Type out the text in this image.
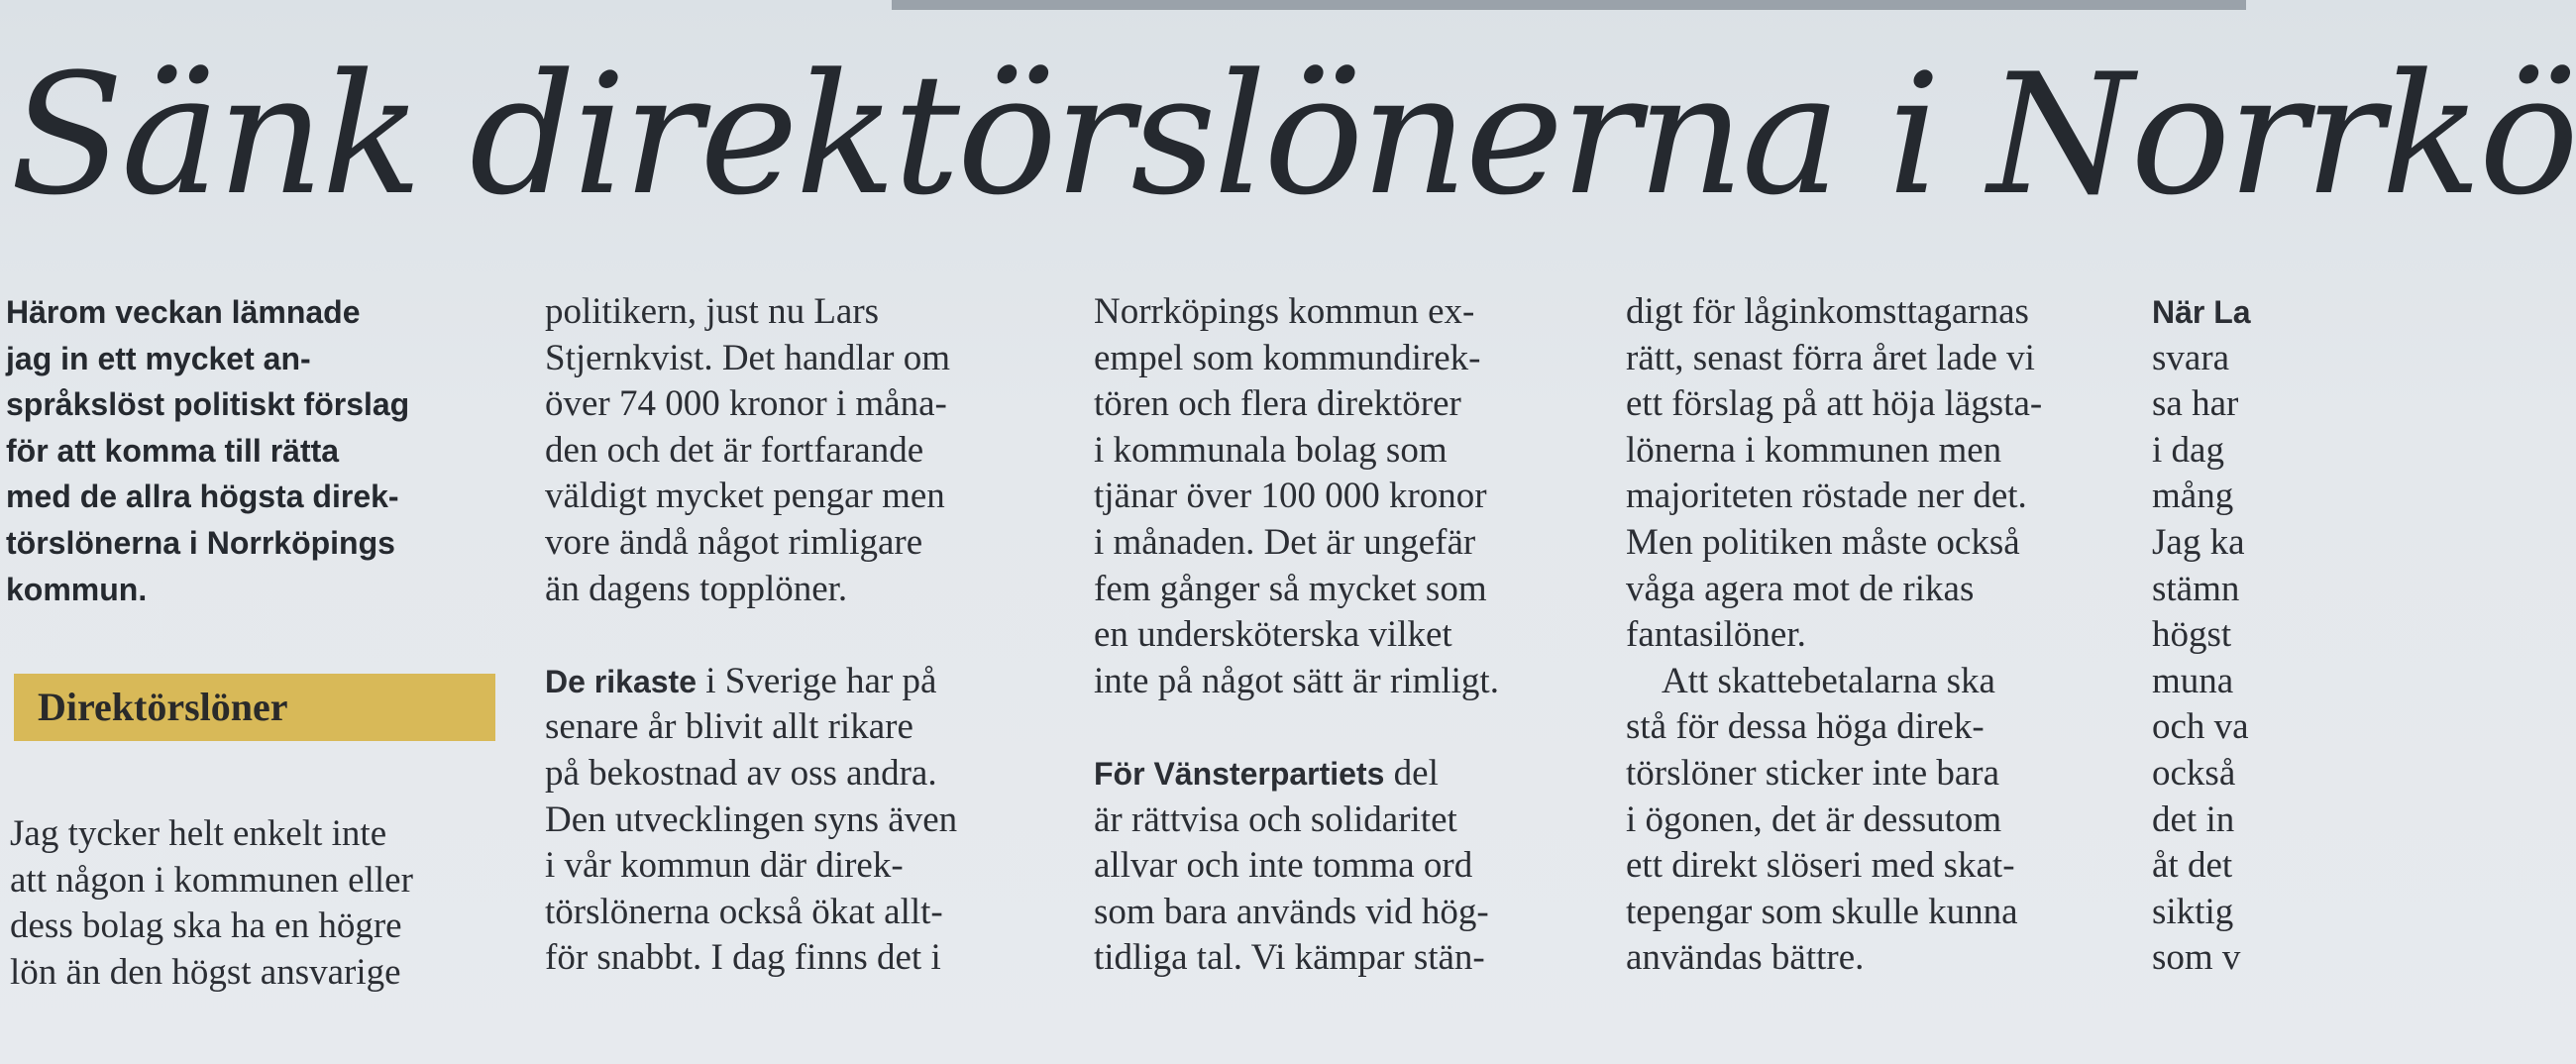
Sänk direktörslönerna i Norrkö
Härom veckan lämnade
jag in ett mycket an-
språkslöst politiskt förslag
för att komma till rätta
med de allra högsta direk-
törslönerna i Norrköpings
kommun.
Direktörslöner
Jag tycker helt enkelt inte
att någon i kommunen eller
dess bolag ska ha en högre
lön än den högst ansvarige
politikern, just nu Lars
Stjernkvist. Det handlar om
över 74 000 kronor i måna-
den och det är fortfarande
väldigt mycket pengar men
vore ändå något rimligare
än dagens topplöner.
De rikaste i Sverige har på
senare år blivit allt rikare
på bekostnad av oss andra.
Den utvecklingen syns även
i vår kommun där direk-
törslönerna också ökat allt-
för snabbt. I dag finns det i
Norrköpings kommun ex-
empel som kommundirek-
tören och flera direktörer
i kommunala bolag som
tjänar över 100 000 kronor
i månaden. Det är ungefär
fem gånger så mycket som
en undersköterska vilket
inte på något sätt är rimligt.
För Vänsterpartiets del
är rättvisa och solidaritet
allvar och inte tomma ord
som bara används vid hög-
tidliga tal. Vi kämpar stän-
digt för låginkomsttagarnas
rätt, senast förra året lade vi
ett förslag på att höja lägsta-
lönerna i kommunen men
majoriteten röstade ner det.
Men politiken måste också
våga agera mot de rikas
fantasilöner.
Att skattebetalarna ska
stå för dessa höga direk-
törslöner sticker inte bara
i ögonen, det är dessutom
ett direkt slöseri med skat-
tepengar som skulle kunna
användas bättre.
När La
svara
sa har
i dag
mång
Jag ka
stämn
högst
muna
och va
också
det in
åt det
siktig
som v
